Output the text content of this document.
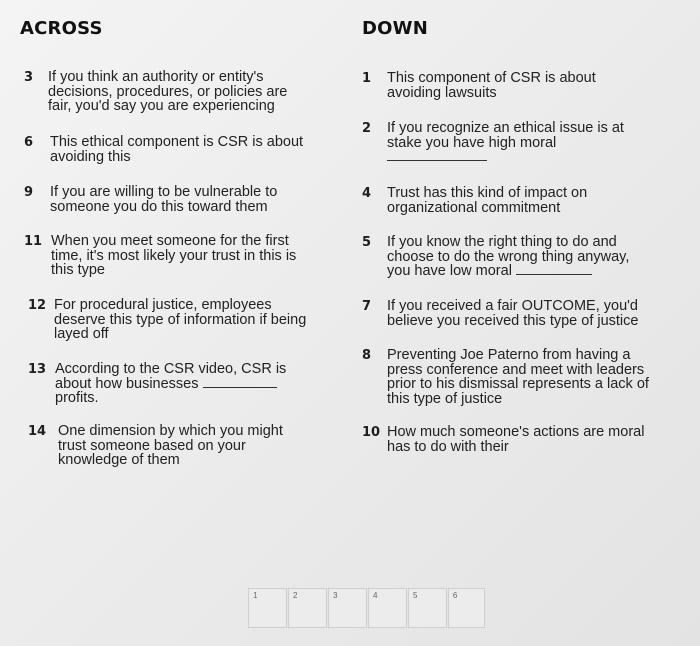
ACROSS	DOWN
3	If you think an authority or entity's decisions, procedures, or policies are fair, you'd say you are experiencing
6	This ethical component is CSR is about avoiding this
9	If you are willing to be vulnerable to someone you do this toward them
11 When you meet someone for the first time, it's most likely your trust in this is this type
12 For procedural justice, employees deserve this type of information if being layed off
13 According to the CSR video, CSR is about how businesses  profits.
14 One dimension by which you might trust someone based on your knowledge of them
1	This component of CSR is about avoiding lawsuits
2	If you recognize an ethical issue is at stake you have high moral

4	Trust has this kind of impact on organizational commitment
5	If you know the right thing to do and choose to do the wrong thing anyway, you have low moral
7	If you received a fair OUTCOME, you'd believe you received this type of justice
8	Preventing Joe Paterno from having a press conference and meet with leaders prior to his dismissal represents a lack of this type of justice
10 How much someone's actions are moral has to do with their
1	2	3	4	5	6
